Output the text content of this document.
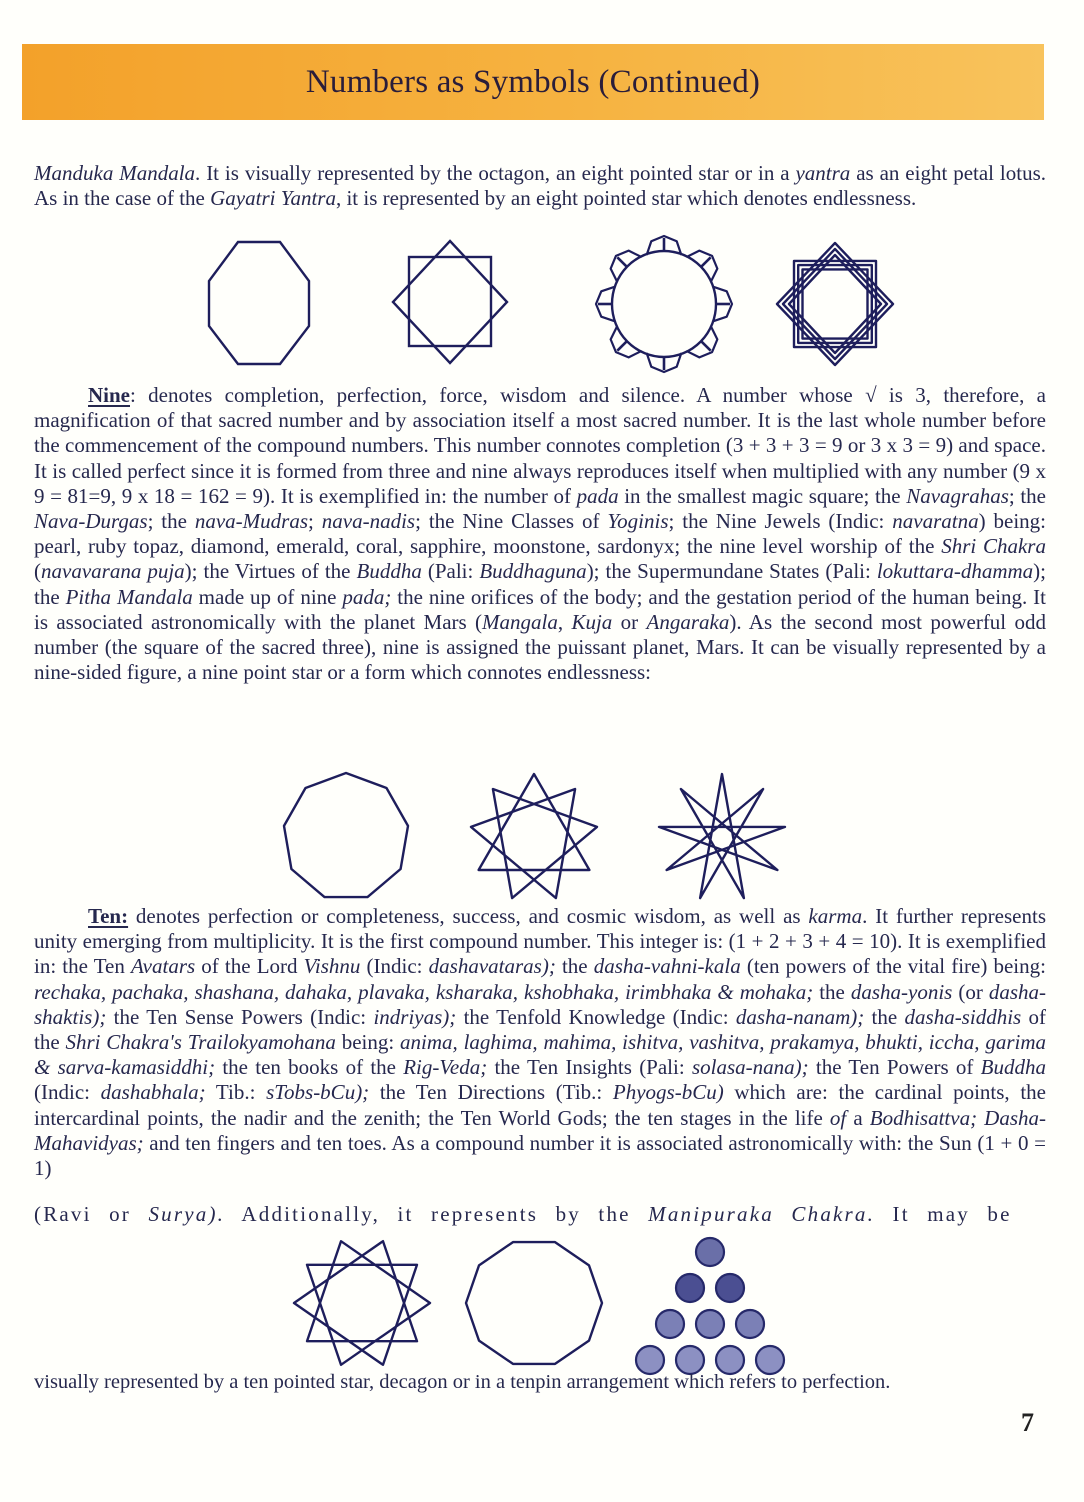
Numbers as Symbols (Continued)
Manduka Mandala. It is visually represented by the octagon, an eight pointed star or in a yantra as an eight petal lotus. As in the case of the Gayatri Yantra, it is represented by an eight pointed star which denotes endlessness.
Nine: denotes completion, perfection, force, wisdom and silence. A number whose √ is 3, therefore, a magnification of that sacred number and by association itself a most sacred number. It is the last whole number before the commencement of the compound numbers. This number connotes completion (3 + 3 + 3 = 9 or 3 x 3 = 9) and space. It is called perfect since it is formed from three and nine always reproduces itself when multiplied with any number (9 x 9 = 81=9, 9 x 18 = 162 = 9). It is exemplified in: the number of pada in the smallest magic square; the Navagrahas; the Nava-Durgas; the nava-Mudras; nava-nadis; the Nine Classes of Yoginis; the Nine Jewels (Indic: navaratna) being: pearl, ruby topaz, diamond, emerald, coral, sapphire, moonstone, sardonyx; the nine level worship of the Shri Chakra (navavarana puja); the Virtues of the Buddha (Pali: Buddhaguna); the Supermundane States (Pali: lokuttara-dhamma); the Pitha Mandala made up of nine pada; the nine orifices of the body; and the gestation period of the human being. It is associated astronomically with the planet Mars (Mangala, Kuja or Angaraka). As the second most powerful odd number (the square of the sacred three), nine is assigned the puissant planet, Mars. It can be visually represented by a nine-sided figure, a nine point star or a form which connotes endlessness:
Ten: denotes perfection or completeness, success, and cosmic wisdom, as well as karma. It further represents unity emerging from multiplicity. It is the first compound number. This integer is: (1 + 2 + 3 + 4 = 10). It is exemplified in: the Ten Avatars of the Lord Vishnu (Indic: dashavataras); the dasha-vahni-kala (ten powers of the vital fire) being: rechaka, pachaka, shashana, dahaka, plavaka, ksharaka, kshobhaka, irimbhaka & mohaka; the dasha-yonis (or dasha-shaktis); the Ten Sense Powers (Indic: indriyas); the Tenfold Knowledge (Indic: dasha-nanam); the dasha-siddhis of the Shri Chakra's Trailokyamohana being: anima, laghima, mahima, ishitva, vashitva, prakamya, bhukti, iccha, garima & sarva-kamasiddhi; the ten books of the Rig-Veda; the Ten Insights (Pali: solasa-nana); the Ten Powers of Buddha (Indic: dashabhala; Tib.: sTobs-bCu); the Ten Directions (Tib.: Phyogs-bCu) which are: the cardinal points, the intercardinal points, the nadir and the zenith; the Ten World Gods; the ten stages in the life of a Bodhisattva; Dasha-Mahavidyas; and ten fingers and ten toes. As a compound number it is associated astronomically with: the Sun (1 + 0 = 1)
(Ravi or Surya). Additionally, it represents by the Manipuraka Chakra. It may be
visually represented by a ten pointed star, decagon or in a tenpin arrangement which refers to perfection.
7
